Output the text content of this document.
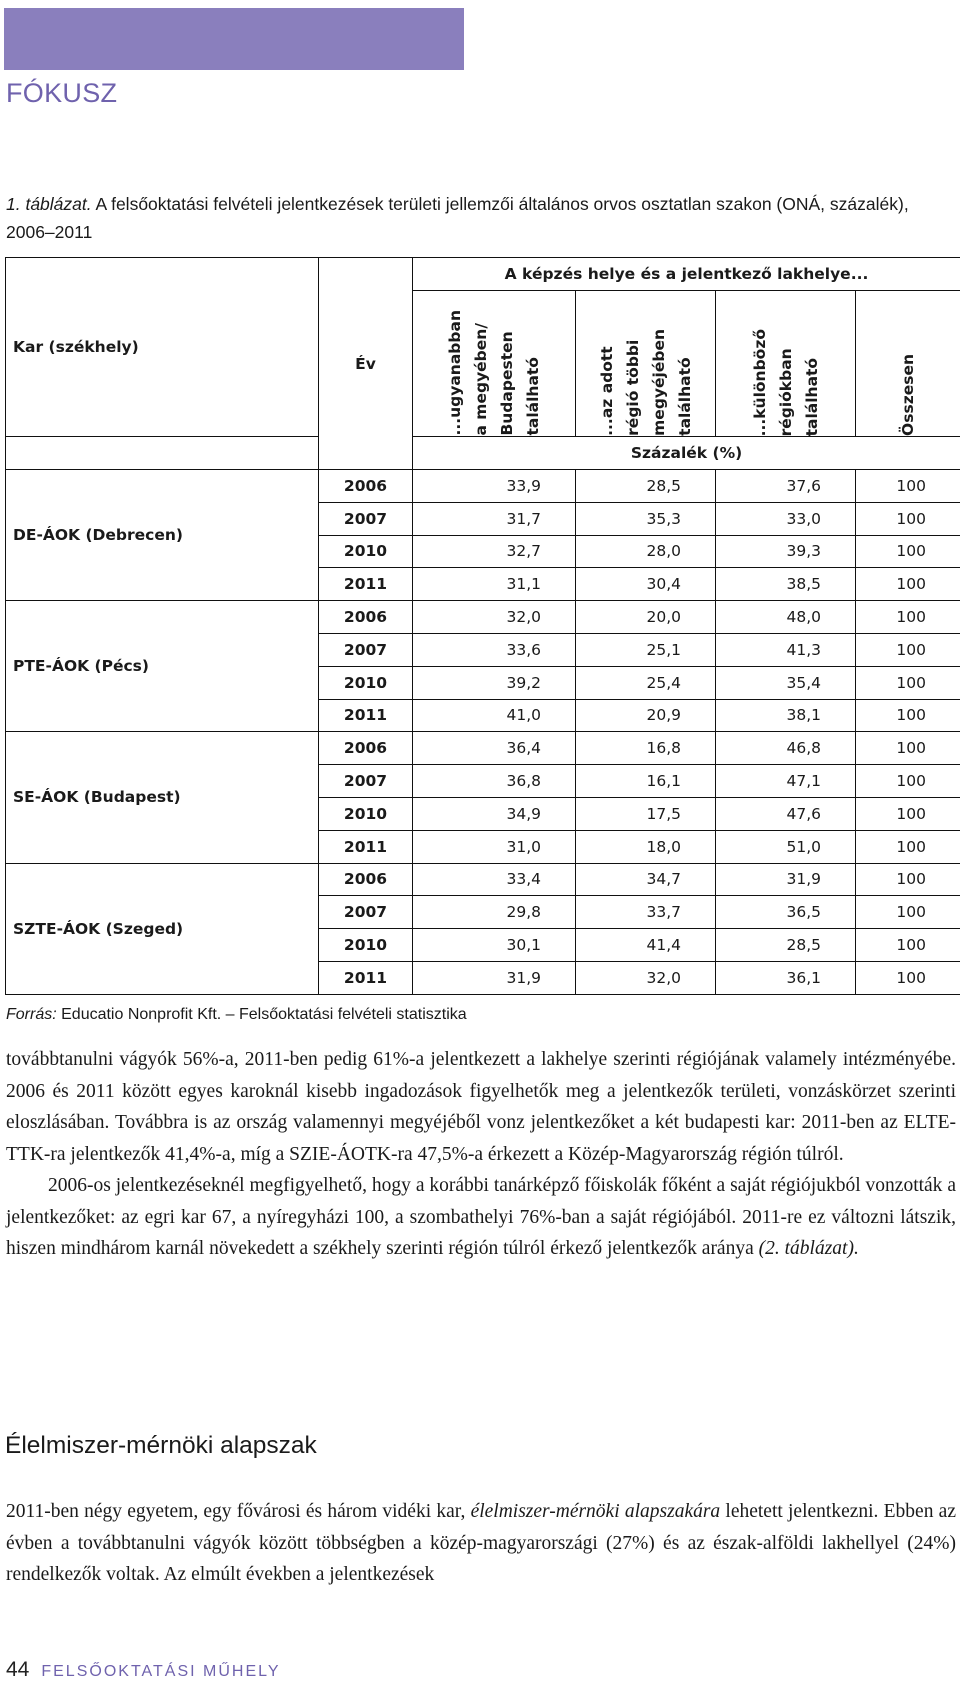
FÓKUSZ
1. táblázat. A felsőoktatási felvételi jelentkezések területi jellemzői általános orvos osztatlan szakon (ONÁ, százalék), 2006–2011
Kar (székhely)	Év	A képzés helye és a jelentkező lakhelye...			

		...ugyanabban
a megyében/
Budapesten
található	...az adott
régió többi
megyéjében
található	...különböző
régiókban
található	Összesen

		Százalék (%)			
DE-ÁOK (Debrecen)	2006	33,9	28,5	37,6	100
	2007	31,7	35,3	33,0	100
	2010	32,7	28,0	39,3	100
	2011	31,1	30,4	38,5	100
PTE-ÁOK (Pécs)	2006	32,0	20,0	48,0	100
	2007	33,6	25,1	41,3	100
	2010	39,2	25,4	35,4	100
	2011	41,0	20,9	38,1	100
SE-ÁOK (Budapest)	2006	36,4	16,8	46,8	100
	2007	36,8	16,1	47,1	100
	2010	34,9	17,5	47,6	100
	2011	31,0	18,0	51,0	100
SZTE-ÁOK (Szeged)	2006	33,4	34,7	31,9	100
	2007	29,8	33,7	36,5	100
	2010	30,1	41,4	28,5	100
	2011	31,9	32,0	36,1	100
Forrás: Educatio Nonprofit Kft. – Felsőoktatási felvételi statisztika

továbbtanulni vágyók 56%-a, 2011-ben pedig 61%-a jelentkezett a lakhelye szerinti régiójának valamely intézményébe. 2006 és 2011 között egyes karoknál kisebb ingadozások figyelhetők meg a jelentkezők területi, vonzáskörzet szerinti eloszlásában. Továbbra is az ország valamennyi megyéjéből vonz jelentkezőket a két budapesti kar: 2011-ben az ELTE-TTK-ra jelentkezők 41,4%-a, míg a SZIE-ÁOTK-ra 47,5%-a érkezett a Közép-Magyarország régión túlról.

2006-os jelentkezéseknél megfigyelhető, hogy a korábbi tanárképző főiskolák főként a saját régiójukból vonzották a jelentkezőket: az egri kar 67, a nyíregyházi 100, a szombathelyi 76%-ban a saját régiójából. 2011-re ez változni látszik, hiszen mindhárom karnál növekedett a székhely szerinti régión túlról érkező jelentkezők aránya (2. táblázat).

Élelmiszer-mérnöki alapszak

2011-ben négy egyetem, egy fővárosi és három vidéki kar, élelmiszer-mérnöki alapszakára lehetett jelentkezni. Ebben az évben a továbbtanulni vágyók között többségben a közép-magyarországi (27%) és az észak-alföldi lakhellyel (24%) rendelkezők voltak. Az elmúlt években a jelentkezések

44 FELSŐOKTATÁSI MŰHELY
